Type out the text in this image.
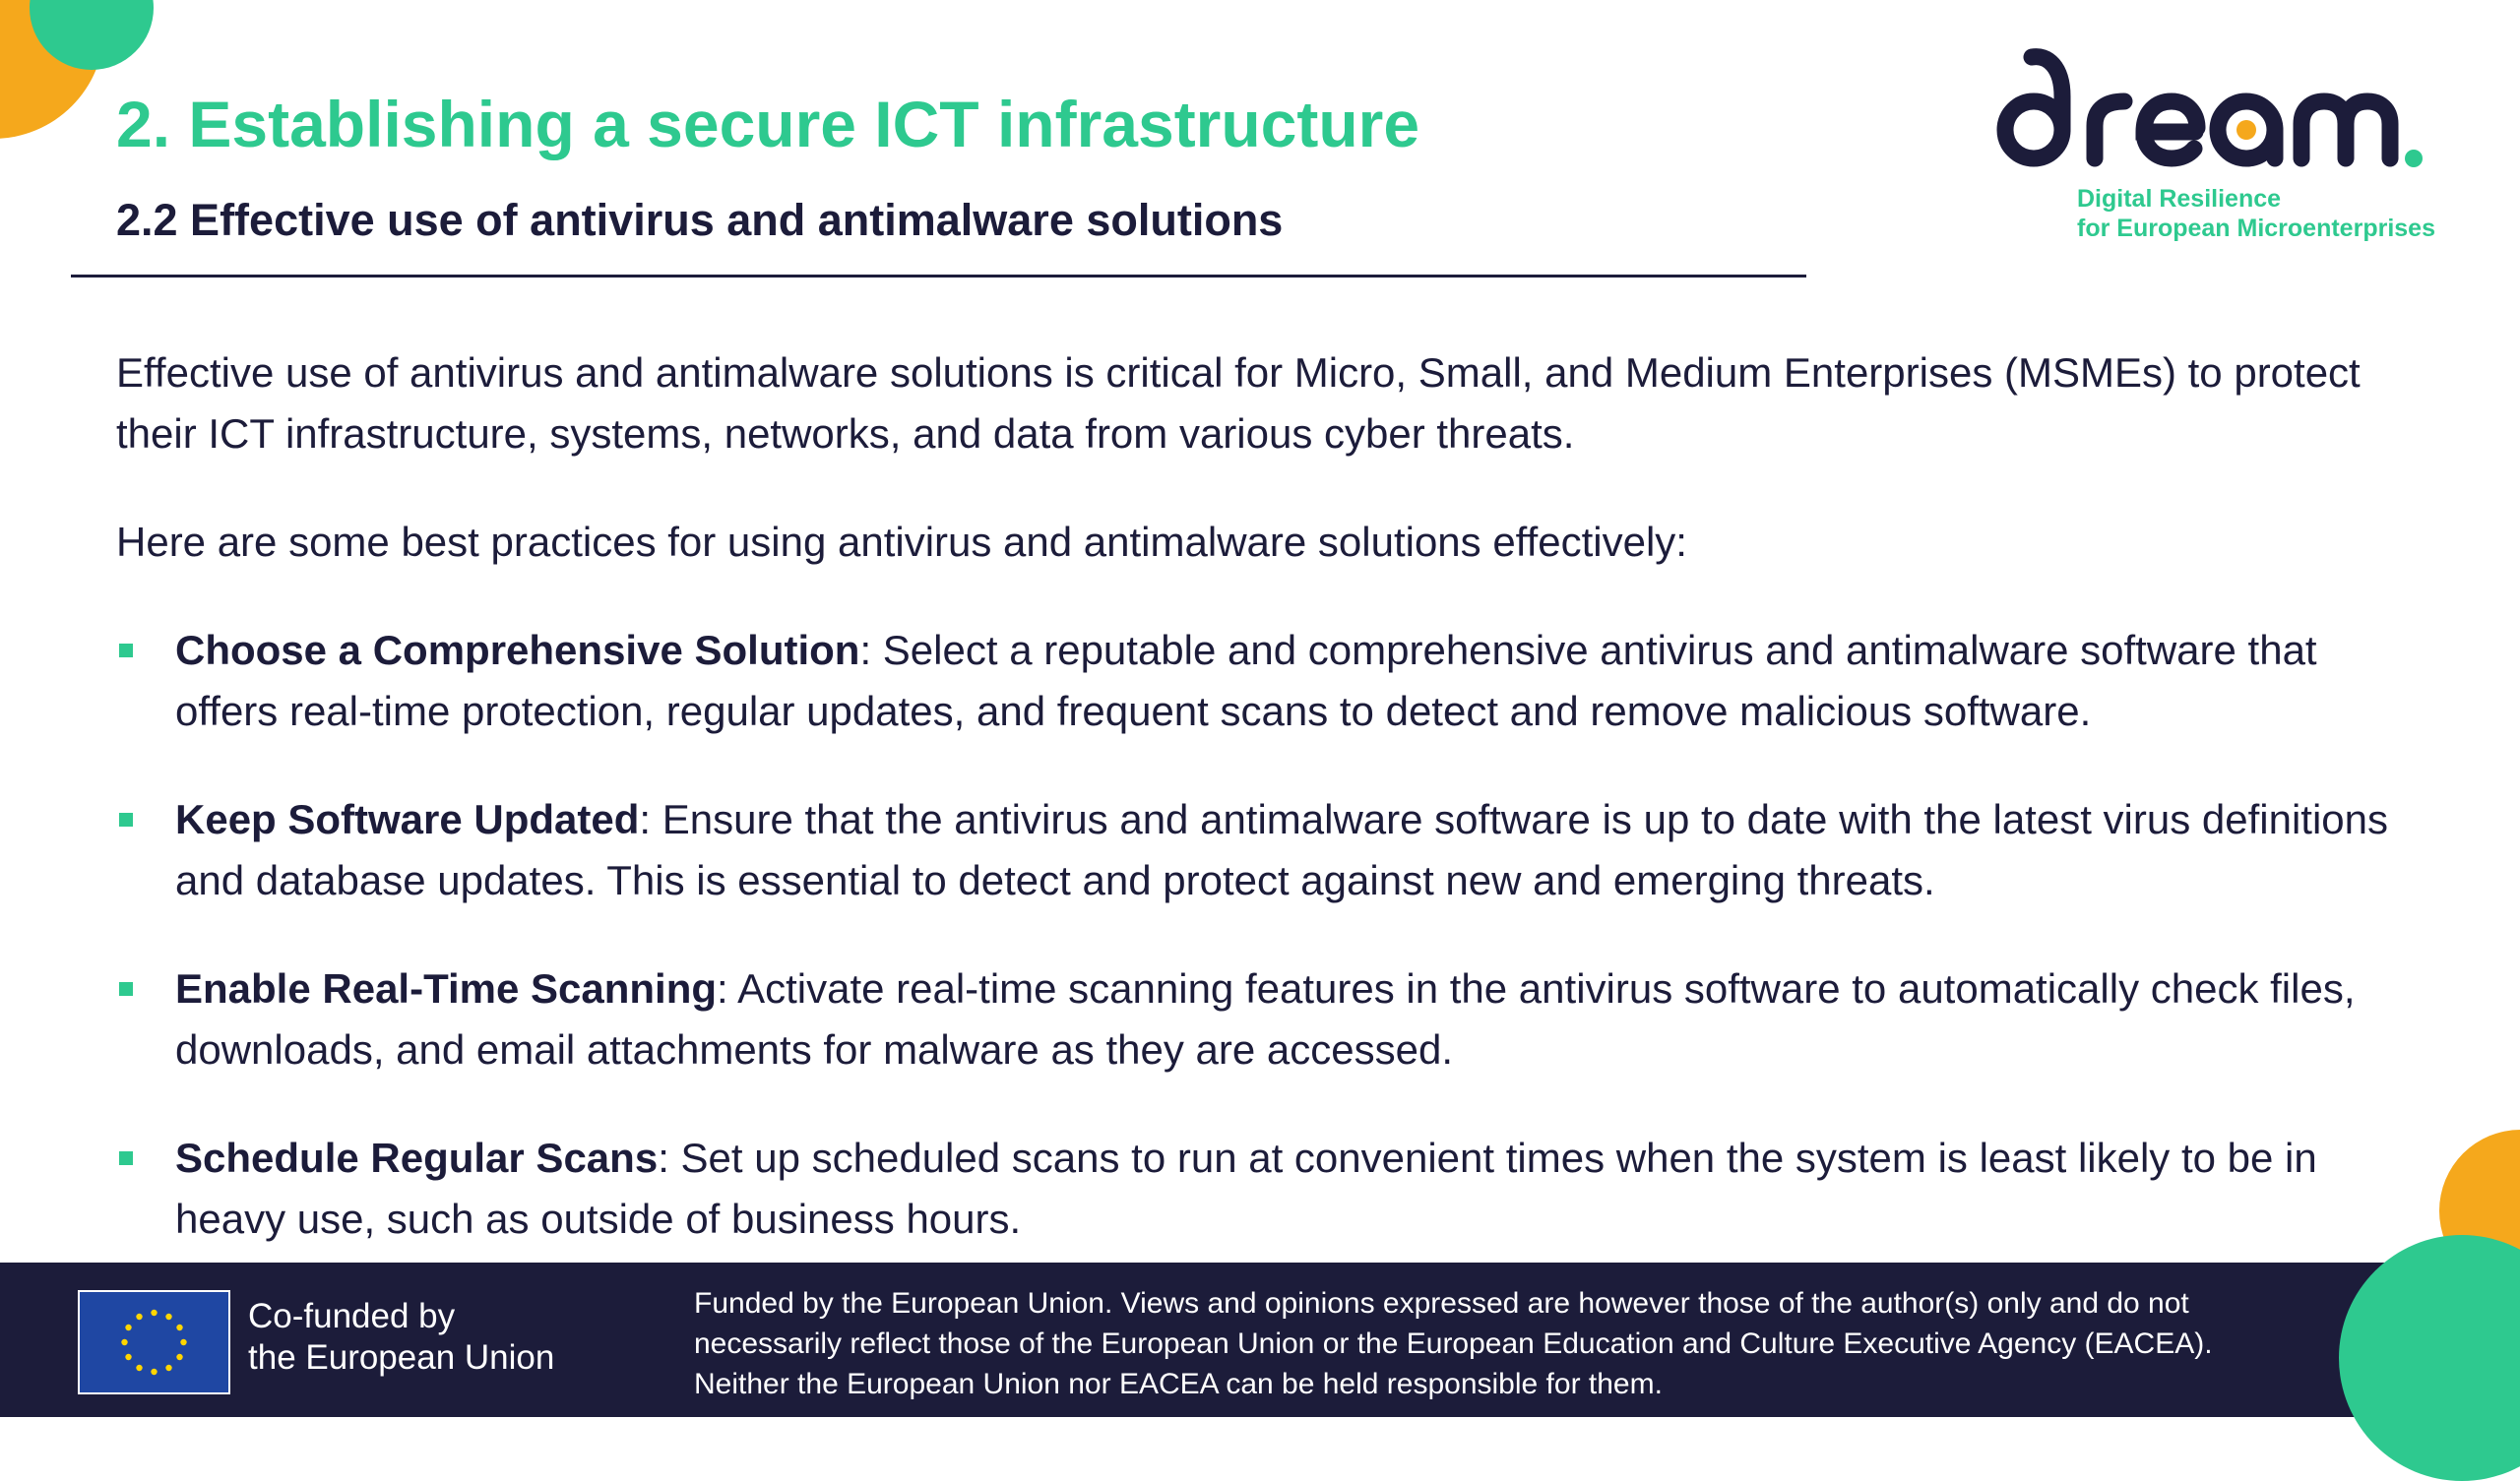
2. Establishing a secure ICT infrastructure
2.2 Effective use of antivirus and antimalware solutions	Digital Resilience
for European Microenterprises

Effective use of antivirus and antimalware solutions is critical for Micro, Small, and Medium Enterprises (MSMEs) to protect their ICT infrastructure, systems, networks, and data from various cyber threats.

Here are some best practices for using antivirus and antimalware solutions effectively:

Choose a Comprehensive Solution: Select a reputable and comprehensive antivirus and antimalware software that offers real-time protection, regular updates, and frequent scans to detect and remove malicious software.
Keep Software Updated: Ensure that the antivirus and antimalware software is up to date with the latest virus definitions and database updates. This is essential to detect and protect against new and emerging threats.
Enable Real-Time Scanning: Activate real-time scanning features in the antivirus software to automatically check files, downloads, and email attachments for malware as they are accessed.
Schedule Regular Scans: Set up scheduled scans to run at convenient times when the system is least likely to be in heavy use, such as outside of business hours.
Co-funded by
the European Union
Funded by the European Union. Views and opinions expressed are however those of the author(s) only and do not
necessarily reflect those of the European Union or the European Education and Culture Executive Agency (EACEA).
Neither the European Union nor EACEA can be held responsible for them.
